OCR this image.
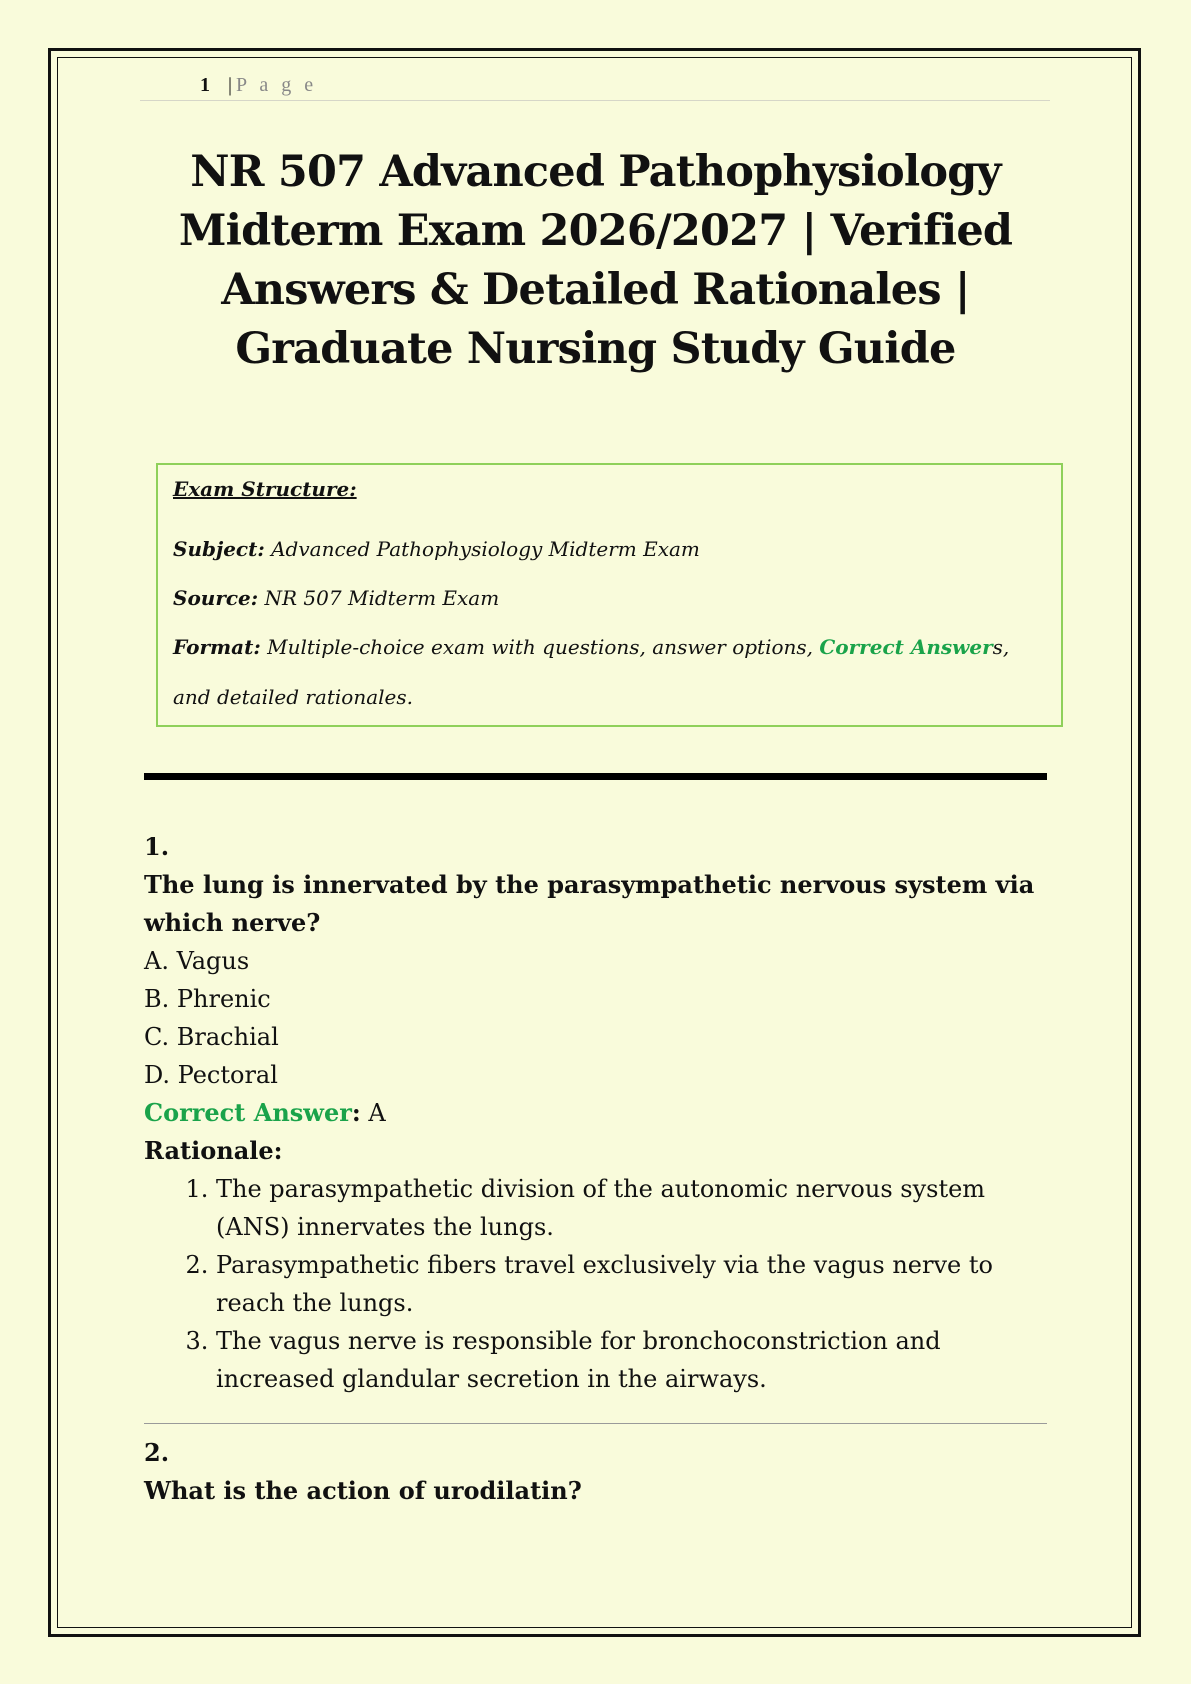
1 | P a g e
NR 507 Advanced Pathophysiology Midterm Exam 2026/2027 | Verified Answers & Detailed Rationales | Graduate Nursing Study Guide
Exam Structure:
Subject: Advanced Pathophysiology Midterm Exam
Source: NR 507 Midterm Exam
Format: Multiple-choice exam with questions, answer options, Correct Answers,
and detailed rationales.
1.
The lung is innervated by the parasympathetic nervous system via which nerve?
A. Vagus
B. Phrenic
C. Brachial
D. Pectoral
Correct Answer: A
Rationale:
1. The parasympathetic division of the autonomic nervous system (ANS) innervates the lungs.
2. Parasympathetic fibers travel exclusively via the vagus nerve to reach the lungs.
3. The vagus nerve is responsible for bronchoconstriction and increased glandular secretion in the airways.
2.
What is the action of urodilatin?
